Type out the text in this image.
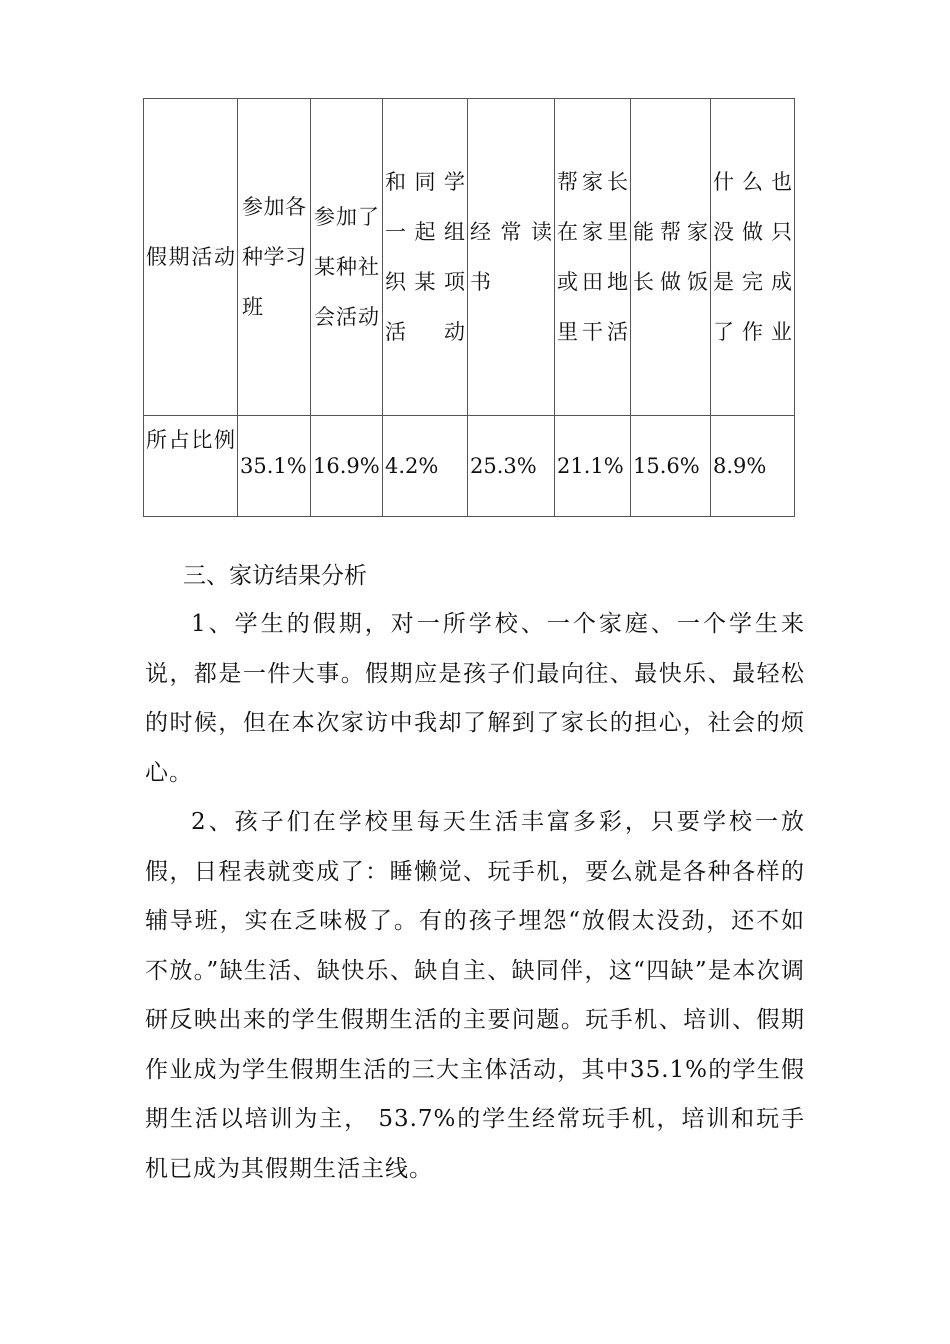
假期活动	参加各种学习班	参加了某种社会活动	和同学一起组织某项活动	经常读书	帮家长在家里或田地里干活	能帮家长做饭	什么也没做只是完成了作业
所占比例	35.1%	16.9%	4.2%	25.3%	21.1%	15.6%	8.9%
三、家访结果分析

1、学生的假期，对一所学校、一个家庭、一个学生来说，都是一件大事。假期应是孩子们最向往、最快乐、最轻松的时候，但在本次家访中我却了解到了家长的担心，社会的烦心。

2、孩子们在学校里每天生活丰富多彩，只要学校一放假，日程表就变成了：睡懒觉、玩手机，要么就是各种各样的辅导班，实在乏味极了。有的孩子埋怨“放假太没劲，还不如不放。”缺生活、缺快乐、缺自主、缺同伴，这“四缺”是本次调研反映出来的学生假期生活的主要问题。玩手机、培训、假期作业成为学生假期生活的三大主体活动，其中35.1%的学生假期生活以培训为主， 53.7%的学生经常玩手机，培训和玩手机已成为其假期生活主线。
